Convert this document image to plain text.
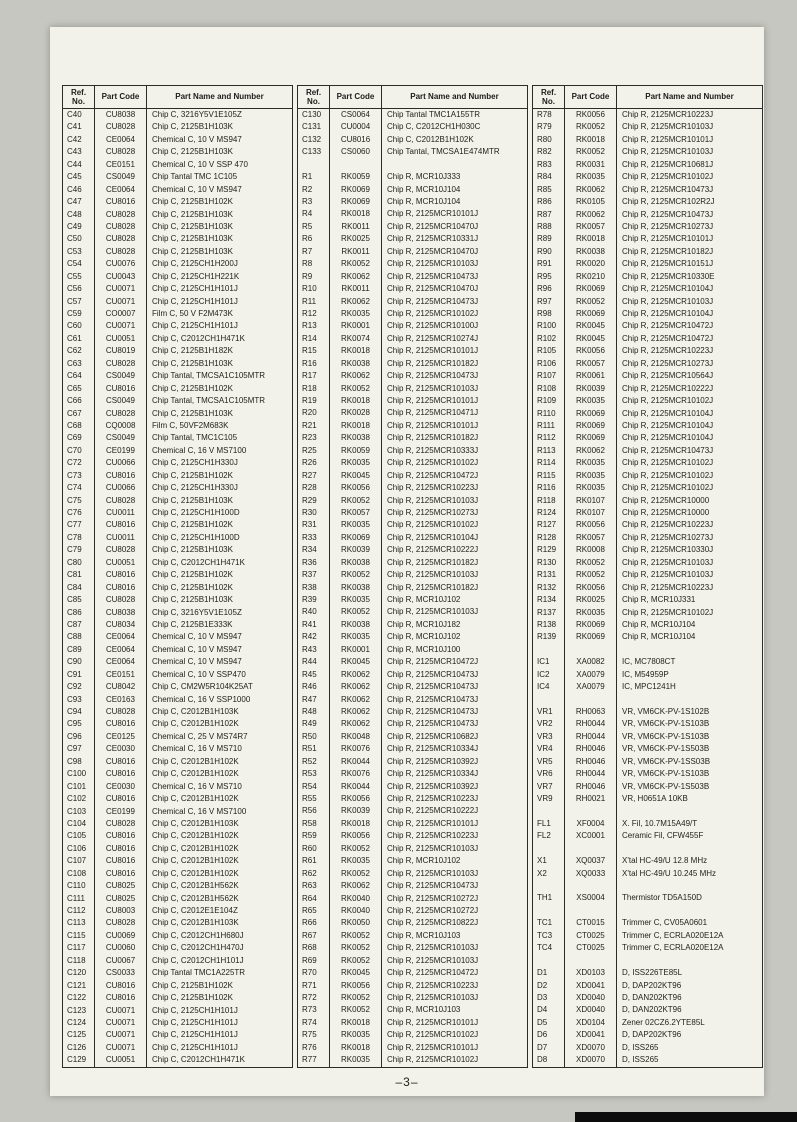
Ref. No.	Part Code	Part Name and Number
C40	CU8038	Chip C, 3216Y5V1E105Z
C41	CU8028	Chip C, 2125B1H103K
C42	CE0064	Chemical C, 10 V MS947
C43	CU8028	Chip C, 2125B1H103K
C44	CE0151	Chemical C, 10 V SSP 470
C45	CS0049	Chip Tantal TMC 1C105
C46	CE0064	Chemical C, 10 V MS947
C47	CU8016	Chip C, 2125B1H102K
C48	CU8028	Chip C, 2125B1H103K
C49	CU8028	Chip C, 2125B1H103K
C50	CU8028	Chip C, 2125B1H103K
C53	CU8028	Chip C, 2125B1H103K
C54	CU0076	Chip C, 2125CH1H200J
C55	CU0043	Chip C, 2125CH1H221K
C56	CU0071	Chip C, 2125CH1H101J
C57	CU0071	Chip C, 2125CH1H101J
C59	CO0007	Film C, 50 V F2M473K
C60	CU0071	Chip C, 2125CH1H101J
C61	CU0051	Chip C, C2012CH1H471K
C62	CU8019	Chip C, 2125B1H182K
C63	CU8028	Chip C, 2125B1H103K
C64	CS0049	Chip Tantal, TMCSA1C105MTR
C65	CU8016	Chip C, 2125B1H102K
C66	CS0049	Chip Tantal, TMCSA1C105MTR
C67	CU8028	Chip C, 2125B1H103K
C68	CQ0008	Film C, 50VF2M683K
C69	CS0049	Chip Tantal, TMC1C105
C70	CE0199	Chemical C, 16 V MS7100
C72	CU0066	Chip C, 2125CH1H330J
C73	CU8016	Chip C, 2125B1H102K
C74	CU0066	Chip C, 2125CH1H330J
C75	CU8028	Chip C, 2125B1H103K
C76	CU0011	Chip C, 2125CH1H100D
C77	CU8016	Chip C, 2125B1H102K
C78	CU0011	Chip C, 2125CH1H100D
C79	CU8028	Chip C, 2125B1H103K
C80	CU0051	Chip C, C2012CH1H471K
C81	CU8016	Chip C, 2125B1H102K
C84	CU8016	Chip C, 2125B1H102K
C85	CU8028	Chip C, 2125B1H103K
C86	CU8038	Chip C, 3216Y5V1E105Z
C87	CU8034	Chip C, 2125B1E333K
C88	CE0064	Chemical C, 10 V MS947
C89	CE0064	Chemical C, 10 V MS947
C90	CE0064	Chemical C, 10 V MS947
C91	CE0151	Chemical C, 10 V SSP470
C92	CU8042	Chip C, CM2W5R104K25AT
C93	CE0163	Chemical C, 16 V SSP1000
C94	CU8028	Chip C, C2012B1H103K
C95	CU8016	Chip C, C2012B1H102K
C96	CE0125	Chemical C, 25 V MS74R7
C97	CE0030	Chemical C, 16 V MS710
C98	CU8016	Chip C, C2012B1H102K
C100	CU8016	Chip C, C2012B1H102K
C101	CE0030	Chemical C, 16 V MS710
C102	CU8016	Chip C, C2012B1H102K
C103	CE0199	Chemical C, 16 V MS7100
C104	CU8028	Chip C, C2012B1H103K
C105	CU8016	Chip C, C2012B1H102K
C106	CU8016	Chip C, C2012B1H102K
C107	CU8016	Chip C, C2012B1H102K
C108	CU8016	Chip C, C2012B1H102K
C110	CU8025	Chip C, C2012B1H562K
C111	CU8025	Chip C, C2012B1H562K
C112	CU8003	Chip C, C2012E1E104Z
C113	CU8028	Chip C, C2012B1H103K
C115	CU0069	Chip C, C2012CH1H680J
C117	CU0060	Chip C, C2012CH1H470J
C118	CU0067	Chip C, C2012CH1H101J
C120	CS0033	Chip Tantal TMC1A225TR
C121	CU8016	Chip C, 2125B1H102K
C122	CU8016	Chip C, 2125B1H102K
C123	CU0071	Chip C, 2125CH1H101J
C124	CU0071	Chip C, 2125CH1H101J
C125	CU0071	Chip C, 2125CH1H101J
C126	CU0071	Chip C, 2125CH1H101J
C129	CU0051	Chip C, C2012CH1H471K
Ref. No.	Part Code	Part Name and Number
C130	CS0064	Chip Tantal TMC1A155TR
C131	CU0004	Chip C, C2012CH1H030C
C132	CU8016	Chip C, C2012B1H102K
C133	CS0060	Chip Tantal, TMCSA1E474MTR

R1	RK0059	Chip R, MCR10J333
R2	RK0069	Chip R, MCR10J104
R3	RK0069	Chip R, MCR10J104
R4	RK0018	Chip R, 2125MCR10101J
R5	RK0011	Chip R, 2125MCR10470J
R6	RK0025	Chip R, 2125MCR10331J
R7	RK0011	Chip R, 2125MCR10470J
R8	RK0052	Chip R, 2125MCR10103J
R9	RK0062	Chip R, 2125MCR10473J
R10	RK0011	Chip R, 2125MCR10470J
R11	RK0062	Chip R, 2125MCR10473J
R12	RK0035	Chip R, 2125MCR10102J
R13	RK0001	Chip R, 2125MCR10100J
R14	RK0074	Chip R, 2125MCR10274J
R15	RK0018	Chip R, 2125MCR10101J
R16	RK0038	Chip R, 2125MCR10182J
R17	RK0062	Chip R, 2125MCR10473J
R18	RK0052	Chip R, 2125MCR10103J
R19	RK0018	Chip R, 2125MCR10101J
R20	RK0028	Chip R, 2125MCR10471J
R21	RK0018	Chip R, 2125MCR10101J
R23	RK0038	Chip R, 2125MCR10182J
R25	RK0059	Chip R, 2125MCR10333J
R26	RK0035	Chip R, 2125MCR10102J
R27	RK0045	Chip R, 2125MCR10472J
R28	RK0056	Chip R, 2125MCR10223J
R29	RK0052	Chip R, 2125MCR10103J
R30	RK0057	Chip R, 2125MCR10273J
R31	RK0035	Chip R, 2125MCR10102J
R33	RK0069	Chip R, 2125MCR10104J
R34	RK0039	Chip R, 2125MCR10222J
R36	RK0038	Chip R, 2125MCR10182J
R37	RK0052	Chip R, 2125MCR10103J
R38	RK0038	Chip R, 2125MCR10182J
R39	RK0035	Chip R, MCR10J102
R40	RK0052	Chip R, 2125MCR10103J
R41	RK0038	Chip R, MCR10J182
R42	RK0035	Chip R, MCR10J102
R43	RK0001	Chip R, MCR10J100
R44	RK0045	Chip R, 2125MCR10472J
R45	RK0062	Chip R, 2125MCR10473J
R46	RK0062	Chip R, 2125MCR10473J
R47	RK0062	Chip R, 2125MCR10473J
R48	RK0062	Chip R, 2125MCR10473J
R49	RK0062	Chip R, 2125MCR10473J
R50	RK0048	Chip R, 2125MCR10682J
R51	RK0076	Chip R, 2125MCR10334J
R52	RK0044	Chip R, 2125MCR10392J
R53	RK0076	Chip R, 2125MCR10334J
R54	RK0044	Chip R, 2125MCR10392J
R55	RK0056	Chip R, 2125MCR10223J
R56	RK0039	Chip R, 2125MCR10222J
R58	RK0018	Chip R, 2125MCR10101J
R59	RK0056	Chip R, 2125MCR10223J
R60	RK0052	Chip R, 2125MCR10103J
R61	RK0035	Chip R, MCR10J102
R62	RK0052	Chip R, 2125MCR10103J
R63	RK0062	Chip R, 2125MCR10473J
R64	RK0040	Chip R, 2125MCR10272J
R65	RK0040	Chip R, 2125MCR10272J
R66	RK0050	Chip R, 2125MCR10822J
R67	RK0052	Chip R, MCR10J103
R68	RK0052	Chip R, 2125MCR10103J
R69	RK0052	Chip R, 2125MCR10103J
R70	RK0045	Chip R, 2125MCR10472J
R71	RK0056	Chip R, 2125MCR10223J
R72	RK0052	Chip R, 2125MCR10103J
R73	RK0052	Chip R, MCR10J103
R74	RK0018	Chip R, 2125MCR10101J
R75	RK0035	Chip R, 2125MCR10102J
R76	RK0018	Chip R, 2125MCR10101J
R77	RK0035	Chip R, 2125MCR10102J
Ref. No.	Part Code	Part Name and Number
R78	RK0056	Chip R, 2125MCR10223J
R79	RK0052	Chip R, 2125MCR10103J
R80	RK0018	Chip R, 2125MCR10101J
R82	RK0052	Chip R, 2125MCR10103J
R83	RK0031	Chip R, 2125MCR10681J
R84	RK0035	Chip R, 2125MCR10102J
R85	RK0062	Chip R, 2125MCR10473J
R86	RK0105	Chip R, 2125MCR102R2J
R87	RK0062	Chip R, 2125MCR10473J
R88	RK0057	Chip R, 2125MCR10273J
R89	RK0018	Chip R, 2125MCR10101J
R90	RK0038	Chip R, 2125MCR10182J
R91	RK0020	Chip R, 2125MCR10151J
R95	RK0210	Chip R, 2125MCR10330E
R96	RK0069	Chip R, 2125MCR10104J
R97	RK0052	Chip R, 2125MCR10103J
R98	RK0069	Chip R, 2125MCR10104J
R100	RK0045	Chip R, 2125MCR10472J
R102	RK0045	Chip R, 2125MCR10472J
R105	RK0056	Chip R, 2125MCR10223J
R106	RK0057	Chip R, 2125MCR10273J
R107	RK0061	Chip R, 2125MCR10564J
R108	RK0039	Chip R, 2125MCR10222J
R109	RK0035	Chip R, 2125MCR10102J
R110	RK0069	Chip R, 2125MCR10104J
R111	RK0069	Chip R, 2125MCR10104J
R112	RK0069	Chip R, 2125MCR10104J
R113	RK0062	Chip R, 2125MCR10473J
R114	RK0035	Chip R, 2125MCR10102J
R115	RK0035	Chip R, 2125MCR10102J
R116	RK0035	Chip R, 2125MCR10102J
R118	RK0107	Chip R, 2125MCR10000
R124	RK0107	Chip R, 2125MCR10000
R127	RK0056	Chip R, 2125MCR10223J
R128	RK0057	Chip R, 2125MCR10273J
R129	RK0008	Chip R, 2125MCR10330J
R130	RK0052	Chip R, 2125MCR10103J
R131	RK0052	Chip R, 2125MCR10103J
R132	RK0056	Chip R, 2125MCR10223J
R134	RK0025	Chip R, MCR10J331
R137	RK0035	Chip R, 2125MCR10102J
R138	RK0069	Chip R, MCR10J104
R139	RK0069	Chip R, MCR10J104

IC1	XA0082	IC, MC7808CT
IC2	XA0079	IC, M54959P
IC4	XA0079	IC, MPC1241H

VR1	RH0063	VR, VM6CK-PV-1S102B
VR2	RH0044	VR, VM6CK-PV-1S103B
VR3	RH0044	VR, VM6CK-PV-1S103B
VR4	RH0046	VR, VM6CK-PV-1S503B
VR5	RH0046	VR, VM6CK-PV-1SS03B
VR6	RH0044	VR, VM6CK-PV-1S103B
VR7	RH0046	VR, VM6CK-PV-1S503B
VR9	RH0021	VR, H0651A 10KB

FL1	XF0004	X. Fil, 10.7M15A49/T
FL2	XC0001	Ceramic Fil, CFW455F

X1	XQ0037	X'tal HC-49/U 12.8 MHz
X2	XQ0033	X'tal HC-49/U 10.245 MHz

TH1	XS0004	Thermistor TD5A150D

TC1	CT0015	Trimmer C, CV05A0601
TC3	CT0025	Trimmer C, ECRLA020E12A
TC4	CT0025	Trimmer C, ECRLA020E12A

D1	XD0103	D, ISS226TE85L
D2	XD0041	D, DAP202KT96
D3	XD0040	D, DAN202KT96
D4	XD0040	D, DAN202KT96
D5	XD0104	Zener 02CZ6.2YTE85L
D6	XD0041	D, DAP202KT96
D7	XD0070	D, ISS265
D8	XD0070	D, ISS265
–3–
